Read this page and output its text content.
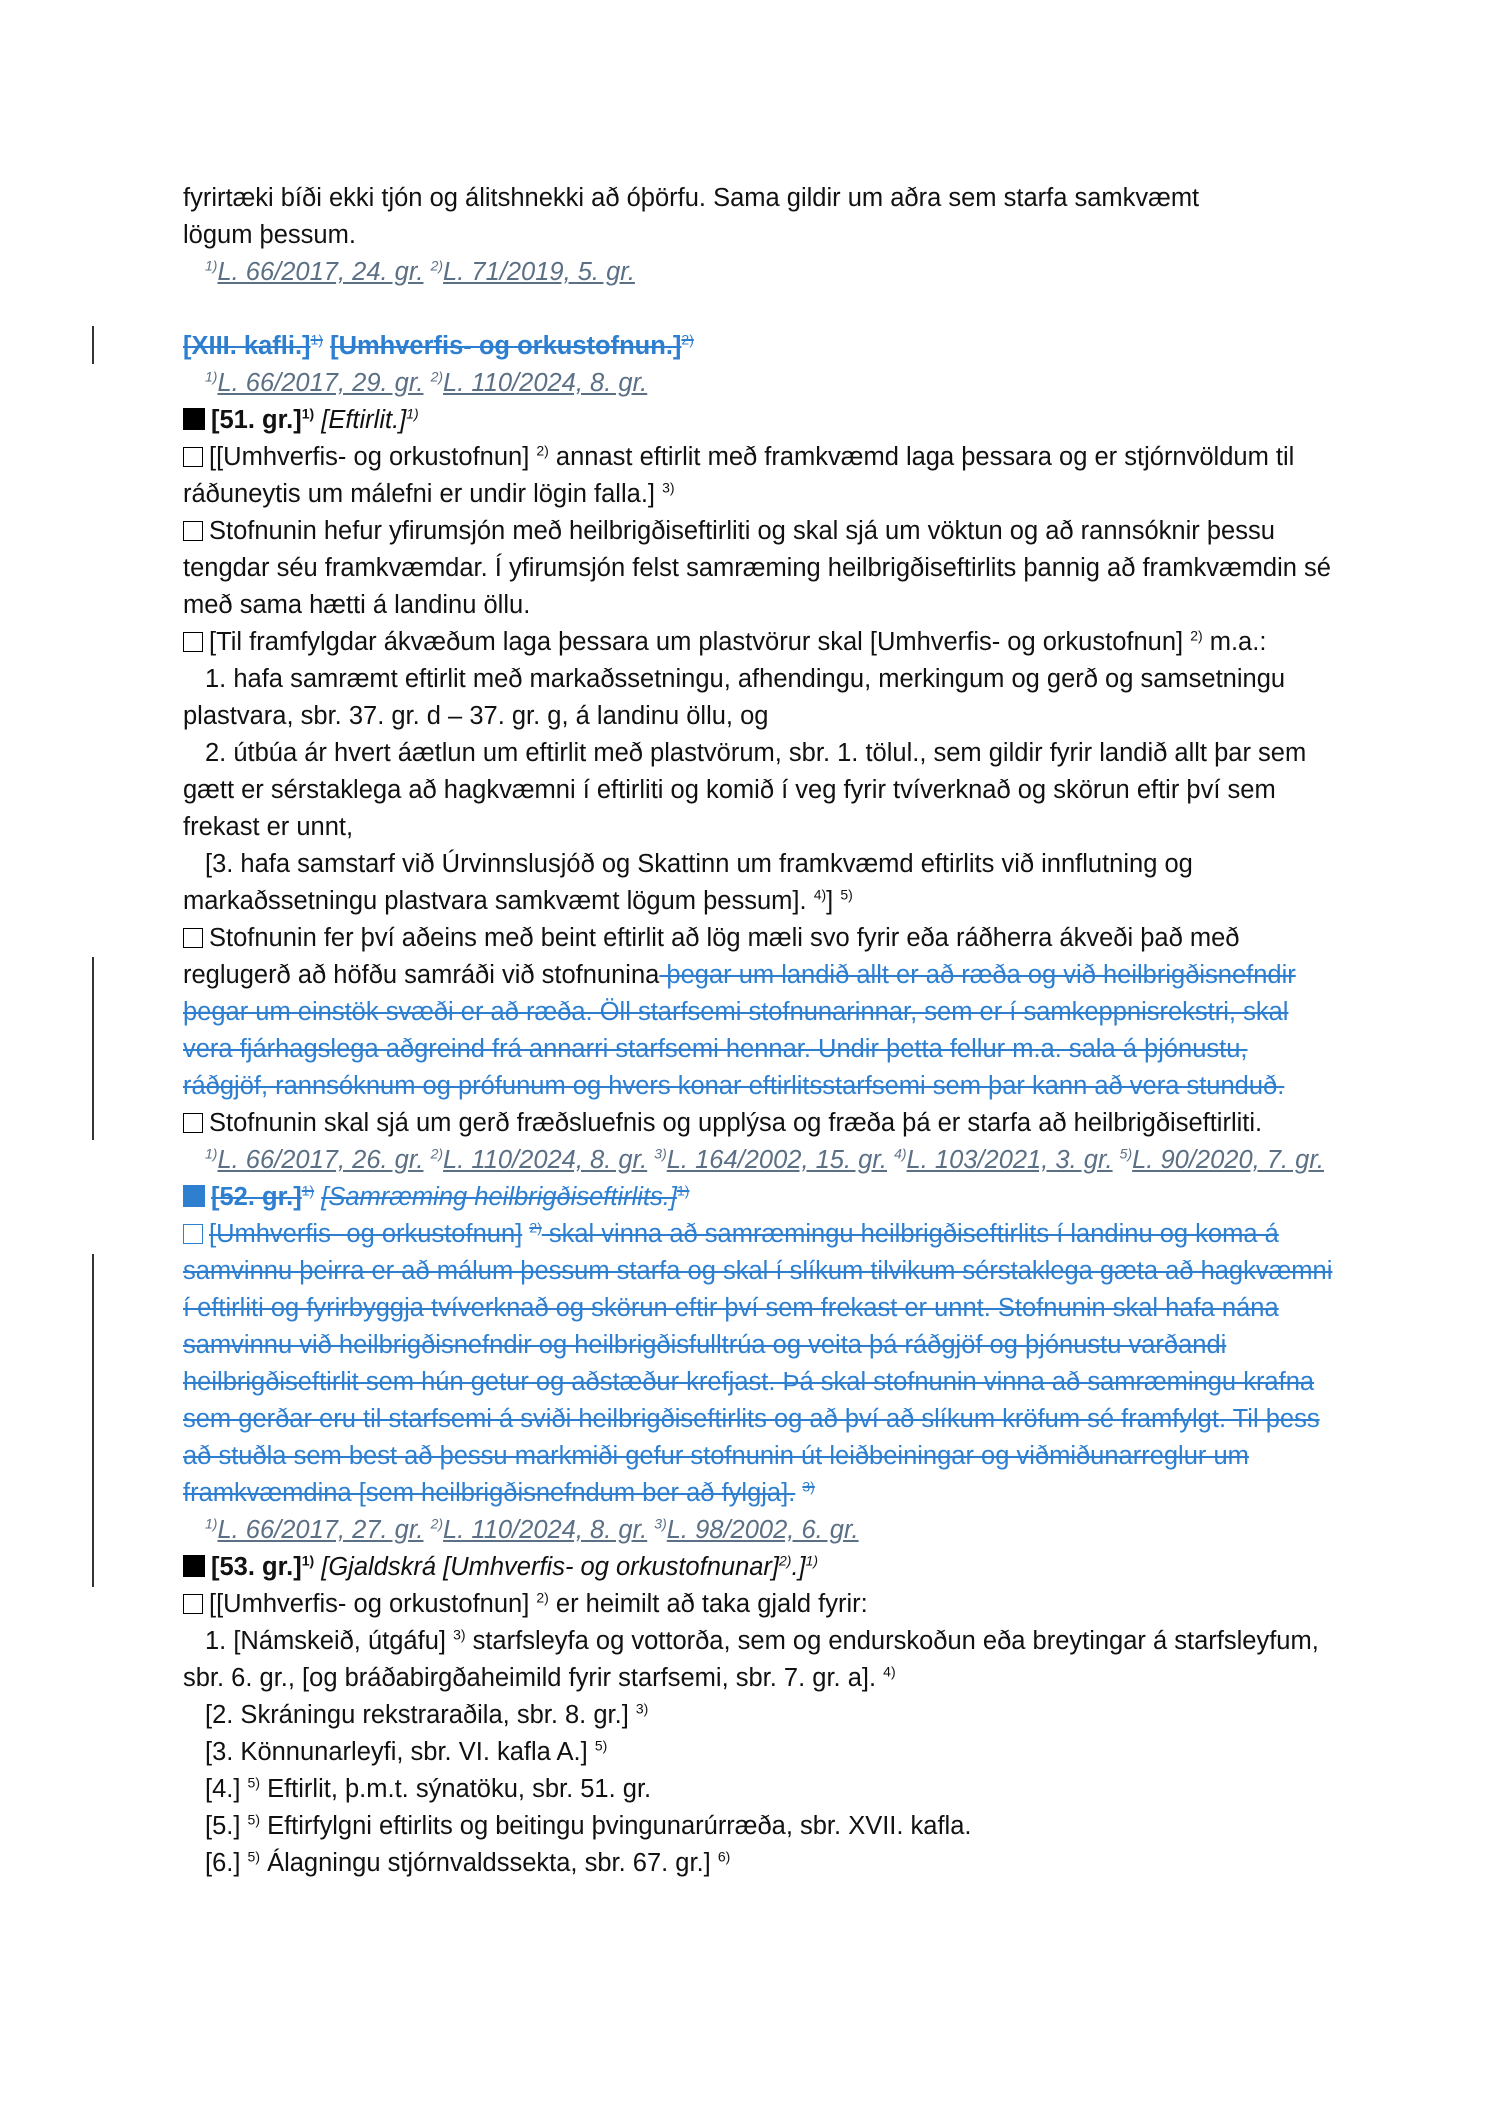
fyrirtæki bíði ekki tjón og álitshnekki að óþörfu. Sama gildir um aðra sem starfa samkvæmt
lögum þessum.

$^{1)}$L. 66/2017, 24. gr. $^{2)}$L. 71/2019, 5. gr.

[XIII. kafli.]$^{1)}$ [Umhverfis- og orkustofnun.]$^{2)}$

$^{1)}$L. 66/2017, 29. gr. $^{2)}$L. 110/2024, 8. gr.

[51. gr.]$^{1)}$ [Eftirlit.]$^{1)}$

[[Umhverfis- og orkustofnun] $^{2)}$ annast eftirlit með framkvæmd laga þessara og er stjórnvöldum til ráðuneytis um málefni er undir lögin falla.] $^{3)}$

Stofnunin hefur yfirumsjón með heilbrigðiseftirliti og skal sjá um vöktun og að rannsóknir þessu tengdar séu framkvæmdar. Í yfirumsjón felst samræming heilbrigðiseftirlits þannig að framkvæmdin sé með sama hætti á landinu öllu.

[Til framfylgdar ákvæðum laga þessara um plastvörur skal [Umhverfis- og orkustofnun] $^{2)}$ m.a.:

1. hafa samræmt eftirlit með markaðssetningu, afhendingu, merkingum og gerð og samsetningu plastvara, sbr. 37. gr. d – 37. gr. g, á landinu öllu, og

2. útbúa ár hvert áætlun um eftirlit með plastvörum, sbr. 1. tölul., sem gildir fyrir landið allt þar sem gætt er sérstaklega að hagkvæmni í eftirliti og komið í veg fyrir tvíverknað og skörun eftir því sem frekast er unnt,

[3. hafa samstarf við Úrvinnslusjóð og Skattinn um framkvæmd eftirlits við innflutning og markaðssetningu plastvara samkvæmt lögum þessum]. $^{4)}$] $^{5)}$

Stofnunin fer því aðeins með beint eftirlit að lög mæli svo fyrir eða ráðherra ákveði það með reglugerð að höfðu samráði við stofnunina þegar um landið allt er að ræða og við heilbrigðisnefndir þegar um einstök svæði er að ræða. Öll starfsemi stofnunarinnar, sem er í samkeppnisrekstri, skal vera fjárhagslega aðgreind frá annarri starfsemi hennar. Undir þetta fellur m.a. sala á þjónustu, ráðgjöf, rannsóknum og prófunum og hvers konar eftirlitsstarfsemi sem þar kann að vera stunduð.

Stofnunin skal sjá um gerð fræðsluefnis og upplýsa og fræða þá er starfa að heilbrigðiseftirliti.

$^{1)}$L. 66/2017, 26. gr. $^{2)}$L. 110/2024, 8. gr. $^{3)}$L. 164/2002, 15. gr. $^{4)}$L. 103/2021, 3. gr. $^{5)}$L. 90/2020, 7. gr.

[52. gr.]$^{1)}$ [Samræming heilbrigðiseftirlits.]$^{1)}$

[Umhverfis- og orkustofnun] $^{2)}$ skal vinna að samræmingu heilbrigðiseftirlits í landinu og koma á samvinnu þeirra er að málum þessum starfa og skal í slíkum tilvikum sérstaklega gæta að hagkvæmni í eftirliti og fyrirbyggja tvíverknað og skörun eftir því sem frekast er unnt. Stofnunin skal hafa nána samvinnu við heilbrigðisnefndir og heilbrigðisfulltrúa og veita þá ráðgjöf og þjónustu varðandi heilbrigðiseftirlit sem hún getur og aðstæður krefjast. Þá skal stofnunin vinna að samræmingu krafna sem gerðar eru til starfsemi á sviði heilbrigðiseftirlits og að því að slíkum kröfum sé framfylgt. Til þess að stuðla sem best að þessu markmiði gefur stofnunin út leiðbeiningar og viðmiðunarreglur um framkvæmdina [sem heilbrigðisnefndum ber að fylgja]. $^{3)}$

$^{1)}$L. 66/2017, 27. gr. $^{2)}$L. 110/2024, 8. gr. $^{3)}$L. 98/2002, 6. gr.

[53. gr.]$^{1)}$ [Gjaldskrá [Umhverfis- og orkustofnunar]$^{2)}$.]$^{1)}$

[[Umhverfis- og orkustofnun] $^{2)}$ er heimilt að taka gjald fyrir:

1. [Námskeið, útgáfu] $^{3)}$ starfsleyfa og vottorða, sem og endurskoðun eða breytingar á starfsleyfum, sbr. 6. gr., [og bráðabirgðaheimild fyrir starfsemi, sbr. 7. gr. a]. $^{4)}$

[2. Skráningu rekstraraðila, sbr. 8. gr.] $^{3)}$

[3. Könnunarleyfi, sbr. VI. kafla A.] $^{5)}$

[4.] $^{5)}$ Eftirlit, þ.m.t. sýnatöku, sbr. 51. gr.

[5.] $^{5)}$ Eftirfylgni eftirlits og beitingu þvingunarúrræða, sbr. XVII. kafla.

[6.] $^{5)}$ Álagningu stjórnvaldssekta, sbr. 67. gr.] $^{6)}$
